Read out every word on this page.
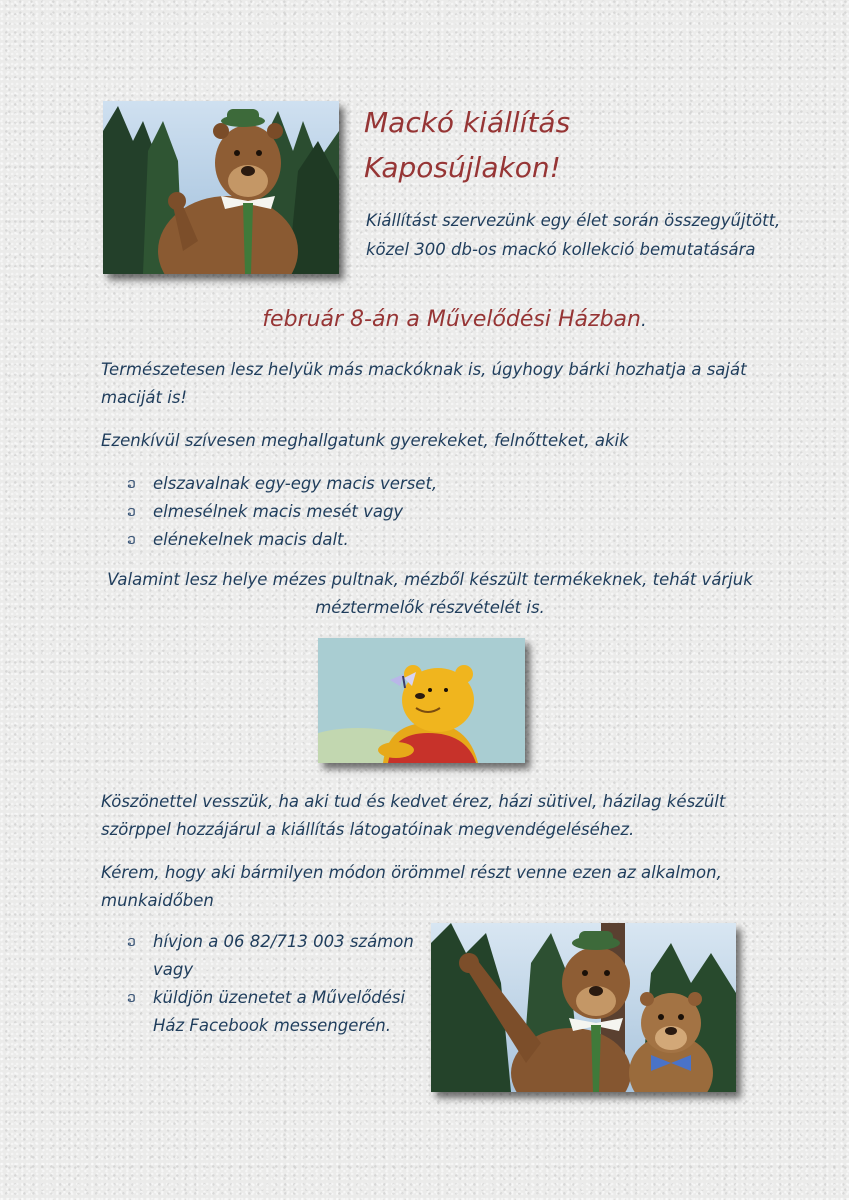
Mackó kiállítás
Kaposújlakon!
Kiállítást szervezünk egy élet során összegyűjtött, közel 300 db-os mackó kollekció bemutatására
február 8-án a Művelődési Házban.
Természetesen lesz helyük más mackóknak is, úgyhogy bárki hozhatja a saját maciját is!
Ezenkívül szívesen meghallgatunk gyerekeket, felnőtteket, akik
ວ elszavalnak egy-egy macis verset,
ວ elmesélnek macis mesét vagy
ວ elénekelnek macis dalt.
Valamint lesz helye mézes pultnak, mézből készült termékeknek, tehát várjuk méztermelők részvételét is.
Köszönettel vesszük, ha aki tud és kedvet érez, házi sütivel, házilag készült szörppel hozzájárul a kiállítás látogatóinak megvendégeléséhez.
Kérem, hogy aki bármilyen módon örömmel részt venne ezen az alkalmon, munkaidőben
ວ hívjon a 06 82/713 003 számon vagy
ວ küldjön üzenetet a Művelődési Ház Facebook messengerén.
